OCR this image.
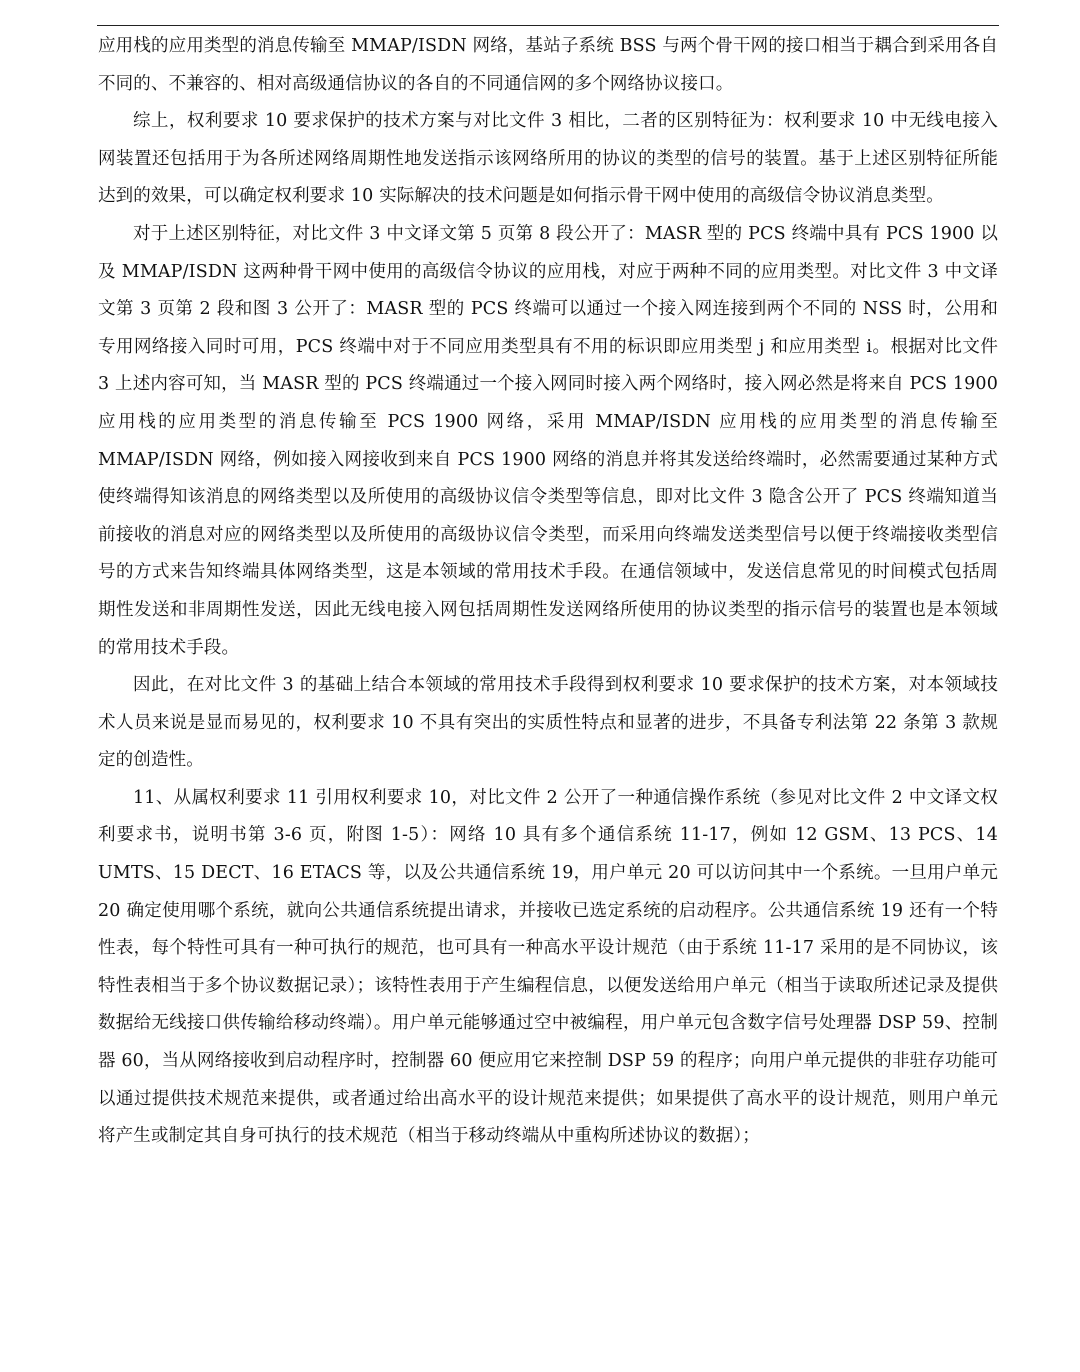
应用栈的应用类型的消息传输至 MMAP/ISDN 网络，基站子系统 BSS 与两个骨干网的接口相当于耦合到采用各自不同的、不兼容的、相对高级通信协议的各自的不同通信网的多个网络协议接口。

综上，权利要求 10 要求保护的技术方案与对比文件 3 相比，二者的区别特征为：权利要求 10 中无线电接入网装置还包括用于为各所述网络周期性地发送指示该网络所用的协议的类型的信号的装置。基于上述区别特征所能达到的效果，可以确定权利要求 10 实际解决的技术问题是如何指示骨干网中使用的高级信令协议消息类型。

对于上述区别特征，对比文件 3 中文译文第 5 页第 8 段公开了：MASR 型的 PCS 终端中具有 PCS 1900 以及 MMAP/ISDN 这两种骨干网中使用的高级信令协议的应用栈，对应于两种不同的应用类型。对比文件 3 中文译文第 3 页第 2 段和图 3 公开了：MASR 型的 PCS 终端可以通过一个接入网连接到两个不同的 NSS 时，公用和专用网络接入同时可用，PCS 终端中对于不同应用类型具有不用的标识即应用类型 j 和应用类型 i。根据对比文件 3 上述内容可知，当 MASR 型的 PCS 终端通过一个接入网同时接入两个网络时，接入网必然是将来自 PCS 1900 应用栈的应用类型的消息传输至 PCS 1900 网络，采用 MMAP/ISDN 应用栈的应用类型的消息传输至 MMAP/ISDN 网络，例如接入网接收到来自 PCS 1900 网络的消息并将其发送给终端时，必然需要通过某种方式使终端得知该消息的网络类型以及所使用的高级协议信令类型等信息，即对比文件 3 隐含公开了 PCS 终端知道当前接收的消息对应的网络类型以及所使用的高级协议信令类型，而采用向终端发送类型信号以便于终端接收类型信号的方式来告知终端具体网络类型，这是本领域的常用技术手段。在通信领域中，发送信息常见的时间模式包括周期性发送和非周期性发送，因此无线电接入网包括周期性发送网络所使用的协议类型的指示信号的装置也是本领域的常用技术手段。

因此，在对比文件 3 的基础上结合本领域的常用技术手段得到权利要求 10 要求保护的技术方案，对本领域技术人员来说是显而易见的，权利要求 10 不具有突出的实质性特点和显著的进步，不具备专利法第 22 条第 3 款规定的创造性。

11、从属权利要求 11 引用权利要求 10，对比文件 2 公开了一种通信操作系统（参见对比文件 2 中文译文权利要求书，说明书第 3-6 页，附图 1-5）：网络 10 具有多个通信系统 11-17，例如 12 GSM、13 PCS、14 UMTS、15 DECT、16 ETACS 等，以及公共通信系统 19，用户单元 20 可以访问其中一个系统。一旦用户单元 20 确定使用哪个系统，就向公共通信系统提出请求，并接收已选定系统的启动程序。公共通信系统 19 还有一个特性表，每个特性可具有一种可执行的规范，也可具有一种高水平设计规范（由于系统 11-17 采用的是不同协议，该特性表相当于多个协议数据记录）；该特性表用于产生编程信息，以便发送给用户单元（相当于读取所述记录及提供数据给无线接口供传输给移动终端）。用户单元能够通过空中被编程，用户单元包含数字信号处理器 DSP 59、控制器 60，当从网络接收到启动程序时，控制器 60 便应用它来控制 DSP 59 的程序；向用户单元提供的非驻存功能可以通过提供技术规范来提供，或者通过给出高水平的设计规范来提供；如果提供了高水平的设计规范，则用户单元将产生或制定其自身可执行的技术规范（相当于移动终端从中重构所述协议的数据）；
